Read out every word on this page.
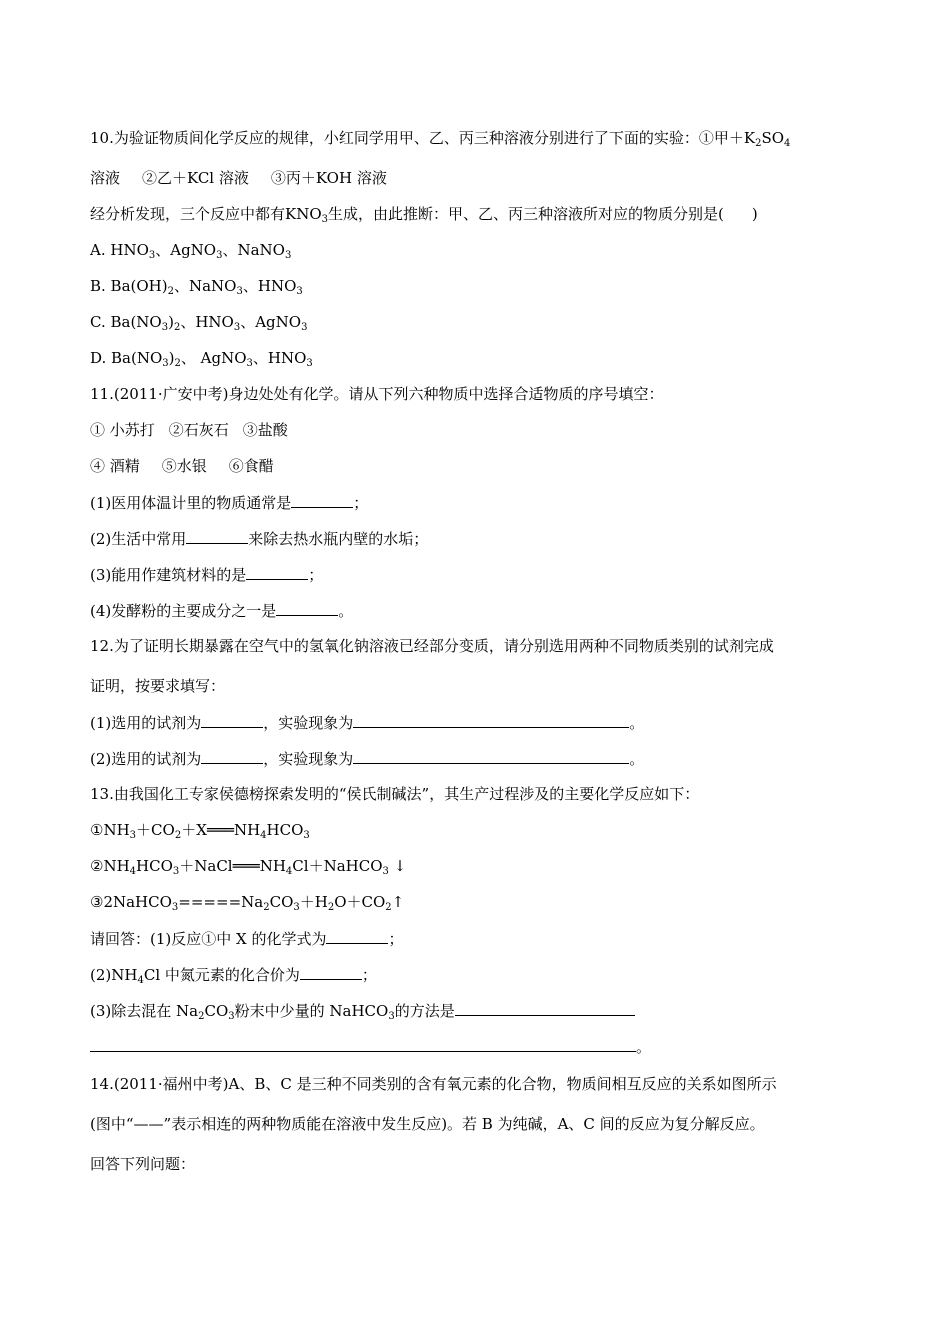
10.为验证物质间化学反应的规律，小红同学用甲、乙、丙三种溶液分别进行了下面的实验：①甲$+K_2SO_4$
溶液 ②乙＋KCl 溶液 ③丙＋KOH 溶液
经分析发现，三个反应中都有$KNO_3$生成，由此推断：甲、乙、丙三种溶液所对应的物质分别是( )
A. $HNO_3$、AgNO$_3$、NaNO$_3$
B. $Ba(OH)_2$、NaNO$_3$、$HNO_3$
C. $Ba(NO_3)_2$、$HNO_3$、AgNO$_3$
D. $Ba(NO_3)_2$、 AgNO$_3$、$HNO_3$
11.(2011·广安中考)身边处处有化学。请从下列六种物质中选择合适物质的序号填空：
① 小苏打 ②石灰石 ③盐酸
④ 酒精 ⑤水银 ⑥食醋
(1)医用体温计里的物质通常是	；
(2)生活中常用	来除去热水瓶内壁的水垢；
(3)能用作建筑材料的是	；
(4)发酵粉的主要成分之一是	。
12.为了证明长期暴露在空气中的氢氧化钠溶液已经部分变质，请分别选用两种不同物质类别的试剂完成
证明，按要求填写：
(1)选用的试剂为	，实验现象为	。
(2)选用的试剂为	，实验现象为	。
13.由我国化工专家侯德榜探索发明的“侯氏制碱法”，其生产过程涉及的主要化学反应如下：
$①NH_3+CO_2+X═══NH_4HCO_3$
$②NH_4HCO_3+NaCl═══NH_4Cl+NaHCO_3$ ↓
$③2NaHCO_3=====Na_2CO_3+H_2O+CO_2↑$
请回答：(1)反应①中 X 的化学式为	；
$(2)NH_4Cl$ 中氮元素的化合价为	；
(3)除去混在 $Na_2CO_3$粉末中少量的 NaHCO$_3$的方法是
。
14.(2011·福州中考)A、B、C 是三种不同类别的含有氧元素的化合物，物质间相互反应的关系如图所示
(图中“——”表示相连的两种物质能在溶液中发生反应)。若 B 为纯碱，A、C 间的反应为复分解反应。
回答下列问题：
